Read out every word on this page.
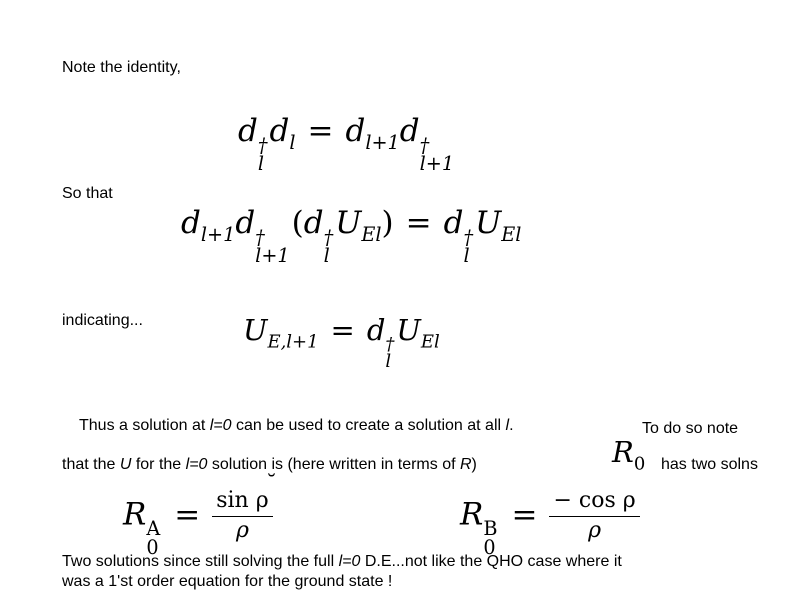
Note the identity,
d †
l
$d_l = d_{l+1}d$ †
l+1
So that
$d_{l+1}d$ †
l+1
(d †
l
$U_{El}) = d$ †
l
$U_{El}$
indicating...	$U_{E,l+1} = d$ †
l
$U_{El}$
Thus a solution at l=0 can be used to create a solution at all l.	To do so note
that the U for the l=0 solution is (here written in terms of R)	$R_0$ has two solns
R A
0
= $\frac{\text{sin ρ}}{\rho}$
˘
R B
0
= $\frac{\text{− cos ρ}}{\rho}$
Two solutions since still solving the full l=0 D.E...not like the QHO case where it
was a 1'st order equation for the ground state !
